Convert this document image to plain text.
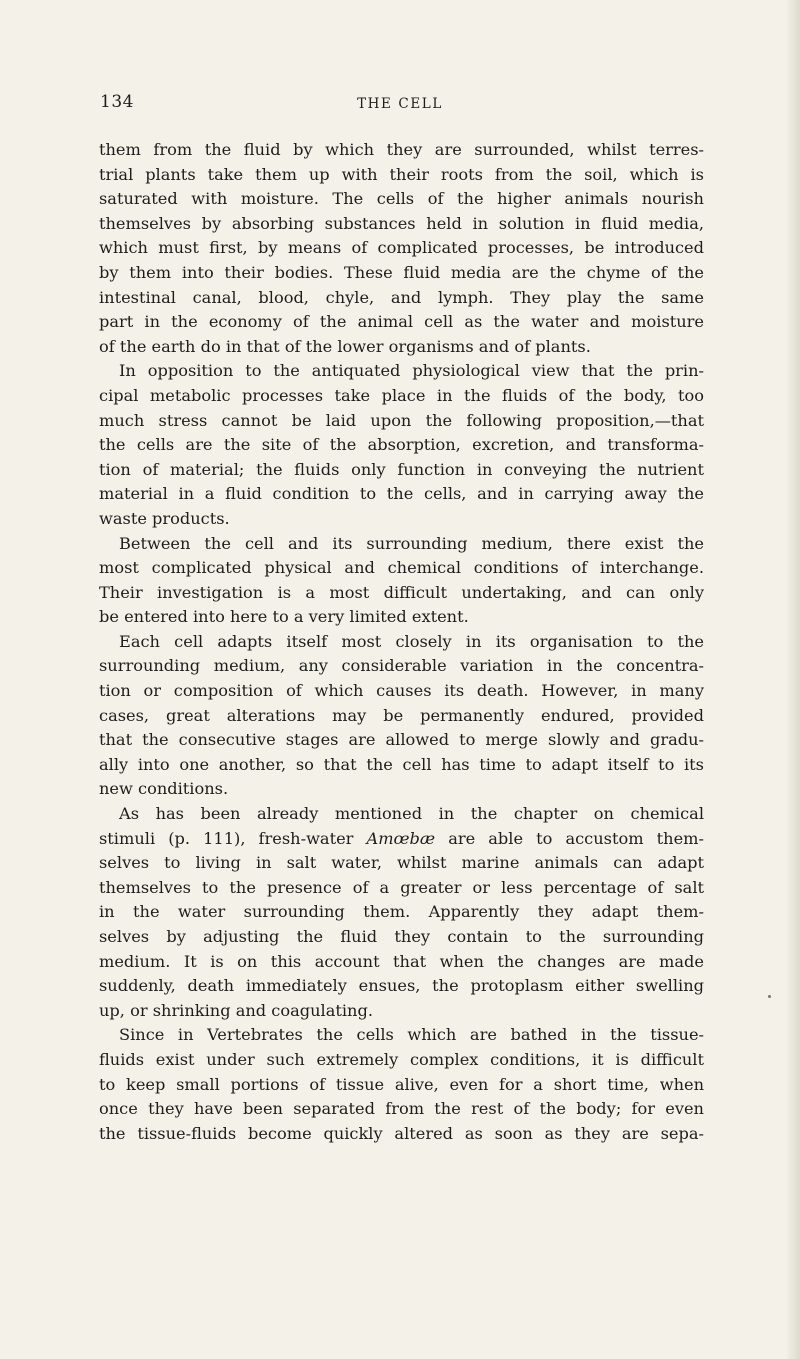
134	THE CELL
them from the fluid by which they are surrounded, whilst terres-
trial plants take them up with their roots from the soil, which is
saturated with moisture. The cells of the higher animals nourish
themselves by absorbing substances held in solution in fluid media,
which must first, by means of complicated processes, be introduced
by them into their bodies. These fluid media are the chyme of the
intestinal canal, blood, chyle, and lymph. They play the same
part in the economy of the animal cell as the water and moisture
of the earth do in that of the lower organisms and of plants.
In opposition to the antiquated physiological view that the prin-
cipal metabolic processes take place in the fluids of the body, too
much stress cannot be laid upon the following proposition,—that
the cells are the site of the absorption, excretion, and transforma-
tion of material; the fluids only function in conveying the nutrient
material in a fluid condition to the cells, and in carrying away the
waste products.
Between the cell and its surrounding medium, there exist the
most complicated physical and chemical conditions of interchange.
Their investigation is a most difficult undertaking, and can only
be entered into here to a very limited extent.
Each cell adapts itself most closely in its organisation to the
surrounding medium, any considerable variation in the concentra-
tion or composition of which causes its death. However, in many
cases, great alterations may be permanently endured, provided
that the consecutive stages are allowed to merge slowly and gradu-
ally into one another, so that the cell has time to adapt itself to its
new conditions.
As has been already mentioned in the chapter on chemical
stimuli (p. 111), fresh-water Amœbæ are able to accustom them-
selves to living in salt water, whilst marine animals can adapt
themselves to the presence of a greater or less percentage of salt
in the water surrounding them. Apparently they adapt them-
selves by adjusting the fluid they contain to the surrounding
medium. It is on this account that when the changes are made
suddenly, death immediately ensues, the protoplasm either swelling
up, or shrinking and coagulating.
Since in Vertebrates the cells which are bathed in the tissue-
fluids exist under such extremely complex conditions, it is difficult
to keep small portions of tissue alive, even for a short time, when
once they have been separated from the rest of the body; for even
the tissue-fluids become quickly altered as soon as they are sepa-
